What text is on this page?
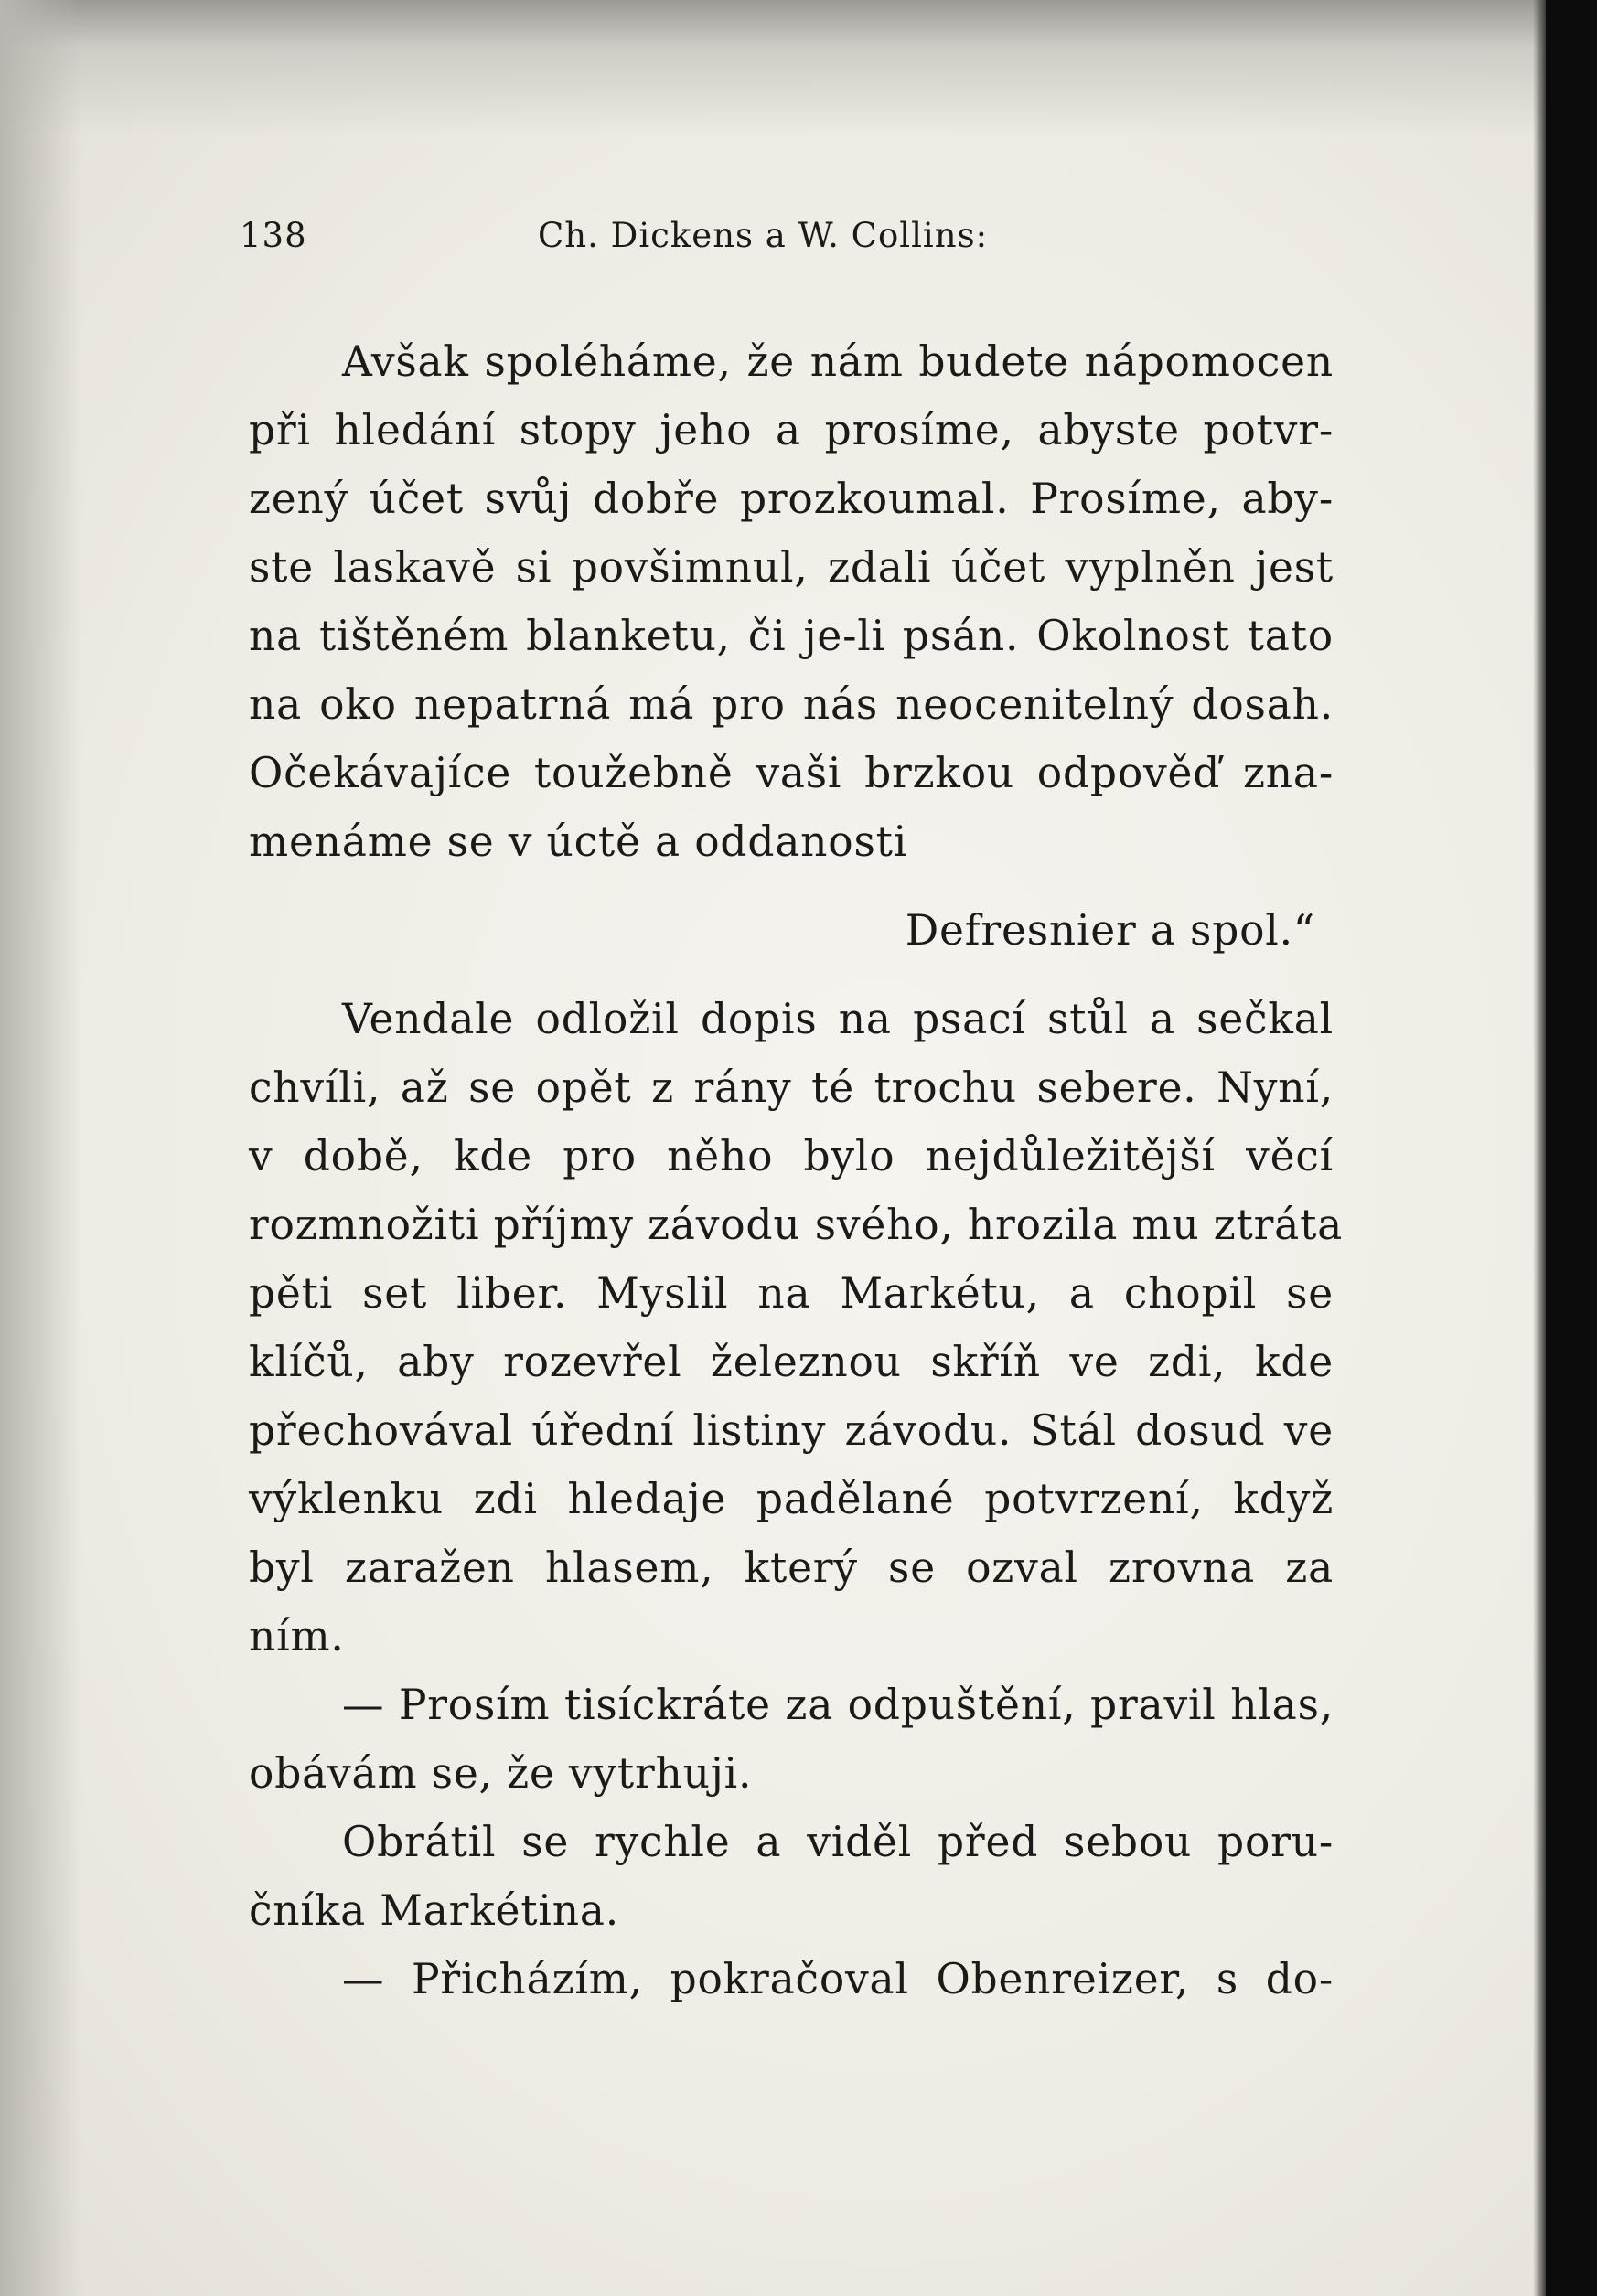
138	Ch. Dickens a W. Collins:
Avšak spoléháme, že nám budete nápomocen
při hledání stopy jeho a prosíme, abyste potvr-
zený účet svůj dobře prozkoumal. Prosíme, aby-
ste laskavě si povšimnul, zdali účet vyplněn jest
na tištěném blanketu, či je-li psán. Okolnost tato
na oko nepatrná má pro nás neocenitelný dosah.
Očekávajíce toužebně vaši brzkou odpověď zna-
menáme se v úctě a oddanosti
Defresnier a spol.“
Vendale odložil dopis na psací stůl a sečkal
chvíli, až se opět z rány té trochu sebere. Nyní,
v době, kde pro něho bylo nejdůležitější věcí
rozmnožiti příjmy závodu svého, hrozila mu ztráta
pěti set liber. Myslil na Markétu, a chopil se
klíčů, aby rozevřel železnou skříň ve zdi, kde
přechovával úřední listiny závodu. Stál dosud ve
výklenku zdi hledaje padělané potvrzení, když
byl zaražen hlasem, který se ozval zrovna za
ním.
— Prosím tisíckráte za odpuštění, pravil hlas,
obávám se, že vytrhuji.
Obrátil se rychle a viděl před sebou poru-
čníka Markétina.
— Přicházím, pokračoval Obenreizer, s do-
